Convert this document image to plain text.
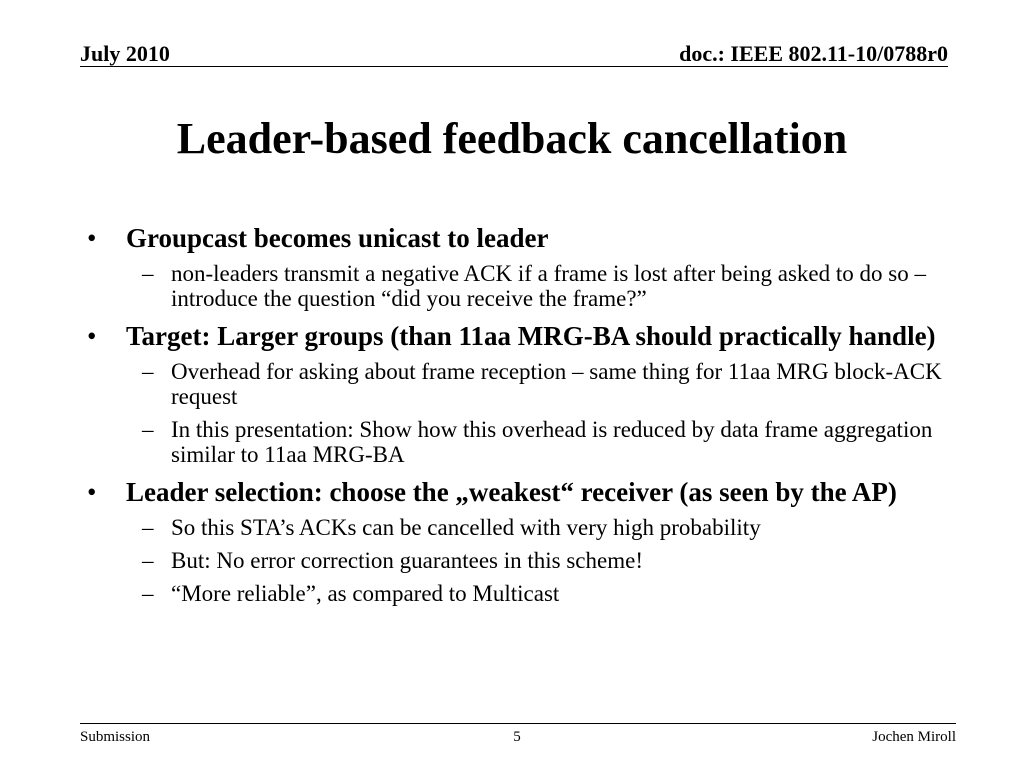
July 2010	doc.: IEEE 802.11-10/0788r0
Leader-based feedback cancellation
• Groupcast becomes unicast to leader
– non-leaders transmit a negative ACK if a frame is lost after being asked to do so – introduce the question “did you receive the frame?”
• Target: Larger groups (than 11aa MRG-BA should practically handle)
– Overhead for asking about frame reception – same thing for 11aa MRG block-ACK request
– In this presentation: Show how this overhead is reduced by data frame aggregation similar to 11aa MRG-BA
• Leader selection: choose the „weakest“ receiver (as seen by the AP)
– So this STA’s ACKs can be cancelled with very high probability
– But: No error correction guarantees in this scheme!
– “More reliable”, as compared to Multicast
Submission	5	Jochen Miroll
